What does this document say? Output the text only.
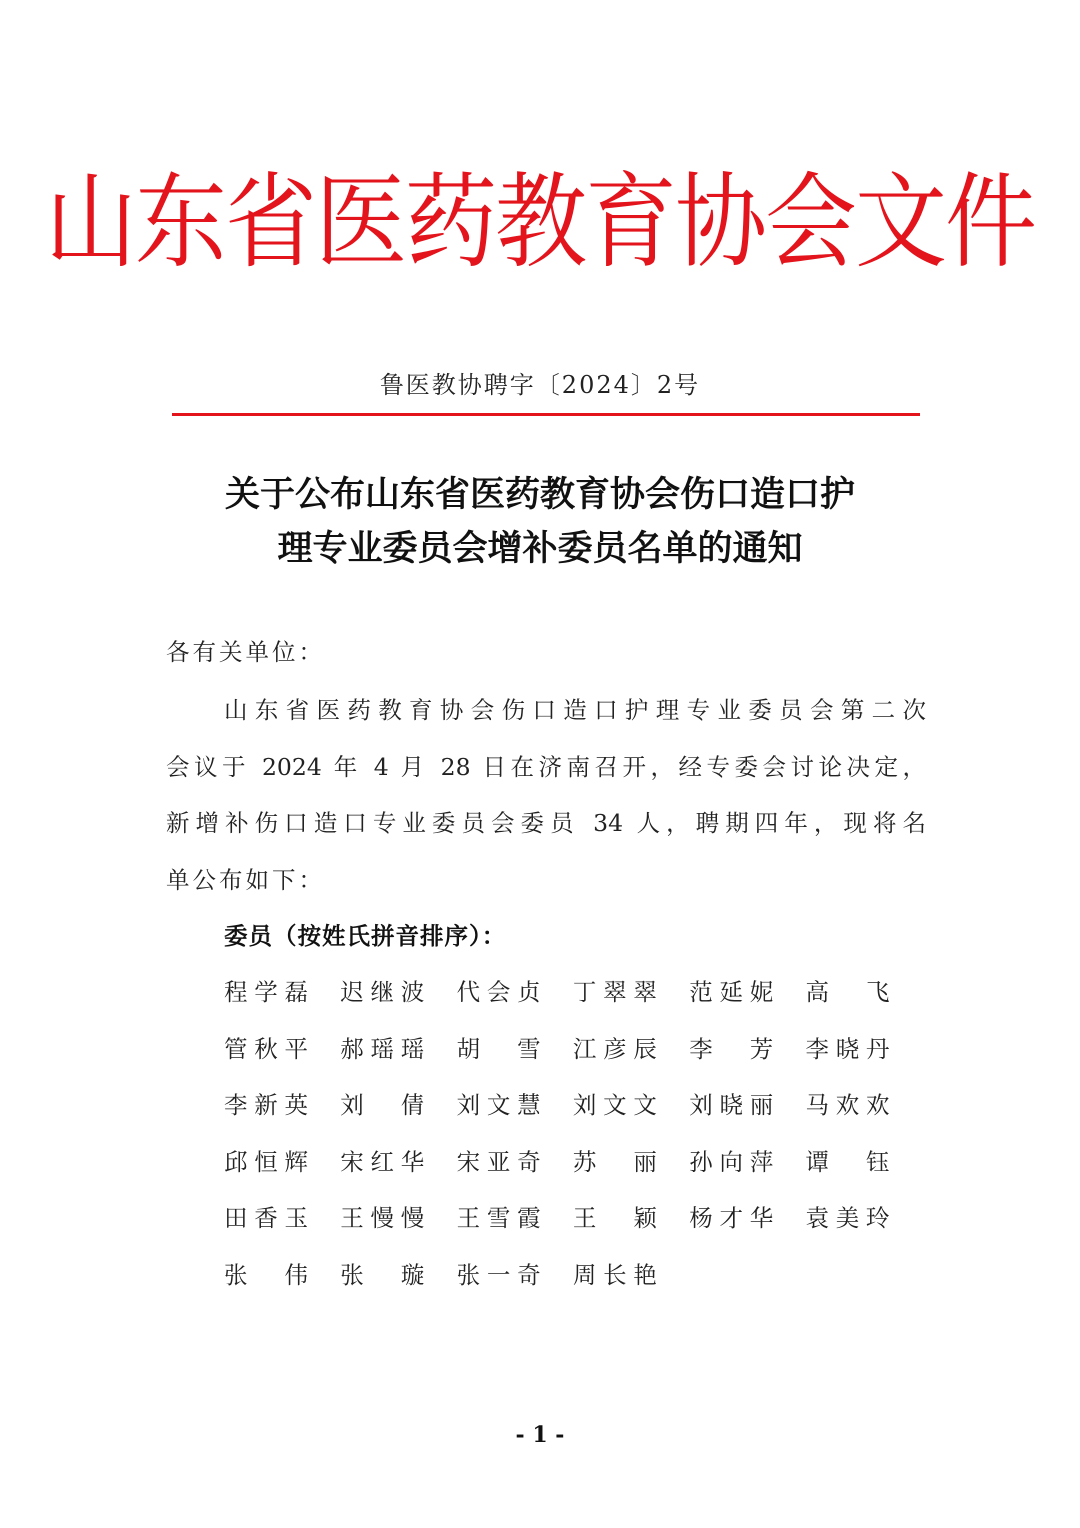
山东省医药教育协会文件
鲁医教协聘字〔2024〕2号
关于公布山东省医药教育协会伤口造口护
理专业委员会增补委员名单的通知
各有关单位：
山东省医药教育协会伤口造口护理专业委员会第二次
会议于 2024 年 4 月 28 日在济南召开，经专委会讨论决定，
新增补伤口造口专业委员会委员 34 人，聘期四年，现将名
单公布如下：
委员（按姓氏拼音排序）：
程 学 磊 迟 继 波 代 会 贞 丁 翠 翠 范 延 妮 高 飞
管 秋 平 郝 瑶 瑶 胡 雪 江 彦 辰 李 芳 李 晓 丹
李 新 英 刘 倩 刘 文 慧 刘 文 文 刘 晓 丽 马 欢 欢
邱 恒 辉 宋 红 华 宋 亚 奇 苏 丽 孙 向 萍 谭 钰
田 香 玉 王 慢 慢 王 雪 霞 王 颖 杨 才 华 袁 美 玲
张 伟 张 璇 张 一 奇 周 长 艳
- 1 -
